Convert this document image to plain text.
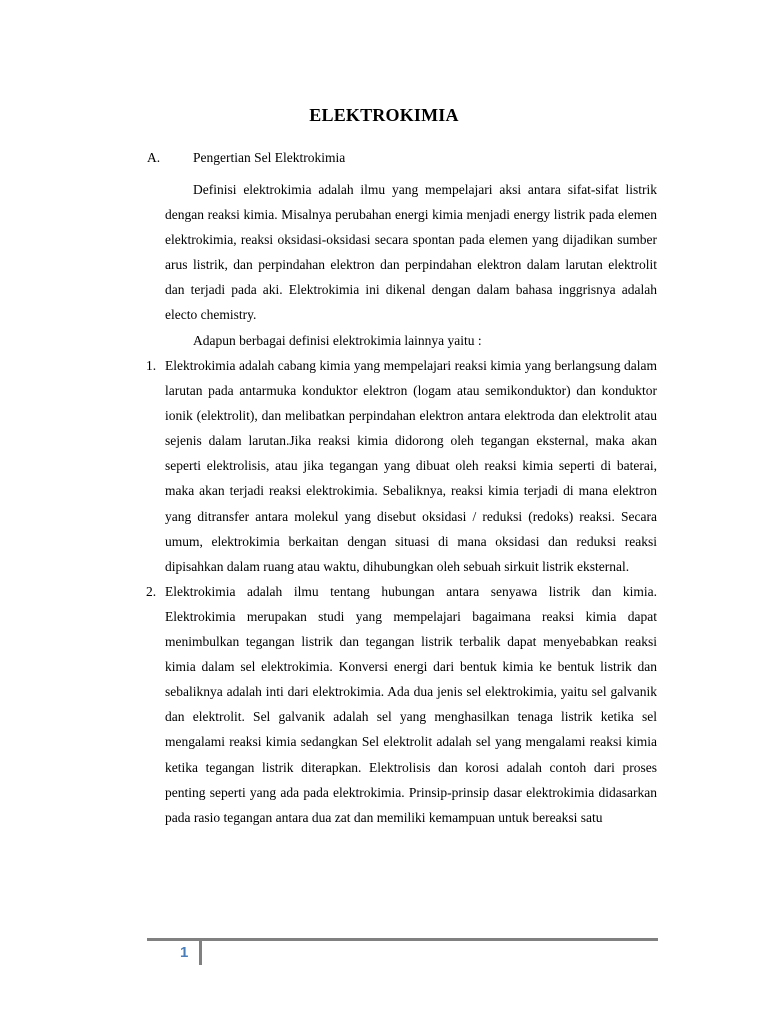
ELEKTROKIMIA
A. Pengertian Sel Elektrokimia

Definisi elektrokimia adalah ilmu yang mempelajari aksi antara sifat-sifat listrik dengan reaksi kimia. Misalnya perubahan energi kimia menjadi energy listrik pada elemen elektrokimia, reaksi oksidasi-oksidasi secara spontan pada elemen yang dijadikan sumber arus listrik, dan perpindahan elektron dan perpindahan elektron dalam larutan elektrolit dan terjadi pada aki. Elektrokimia ini dikenal dengan dalam bahasa inggrisnya adalah electo chemistry.

Adapun berbagai definisi elektrokimia lainnya yaitu :

1. Elektrokimia adalah cabang kimia yang mempelajari reaksi kimia yang berlangsung dalam larutan pada antarmuka konduktor elektron (logam atau semikonduktor) dan konduktor ionik (elektrolit), dan melibatkan perpindahan elektron antara elektroda dan elektrolit atau sejenis dalam larutan.Jika reaksi kimia didorong oleh tegangan eksternal, maka akan seperti elektrolisis, atau jika tegangan yang dibuat oleh reaksi kimia seperti di baterai, maka akan terjadi reaksi elektrokimia. Sebaliknya, reaksi kimia terjadi di mana elektron yang ditransfer antara molekul yang disebut oksidasi / reduksi (redoks) reaksi. Secara umum, elektrokimia berkaitan dengan situasi di mana oksidasi dan reduksi reaksi dipisahkan dalam ruang atau waktu, dihubungkan oleh sebuah sirkuit listrik eksternal.
2. Elektrokimia adalah ilmu tentang hubungan antara senyawa listrik dan kimia. Elektrokimia merupakan studi yang mempelajari bagaimana reaksi kimia dapat menimbulkan tegangan listrik dan tegangan listrik terbalik dapat menyebabkan reaksi kimia dalam sel elektrokimia. Konversi energi dari bentuk kimia ke bentuk listrik dan sebaliknya adalah inti dari elektrokimia. Ada dua jenis sel elektrokimia, yaitu sel galvanik dan elektrolit. Sel galvanik adalah sel yang menghasilkan tenaga listrik ketika sel mengalami reaksi kimia sedangkan Sel elektrolit adalah sel yang mengalami reaksi kimia ketika tegangan listrik diterapkan. Elektrolisis dan korosi adalah contoh dari proses penting seperti yang ada pada elektrokimia. Prinsip-prinsip dasar elektrokimia didasarkan pada rasio tegangan antara dua zat dan memiliki kemampuan untuk bereaksi satu
1
